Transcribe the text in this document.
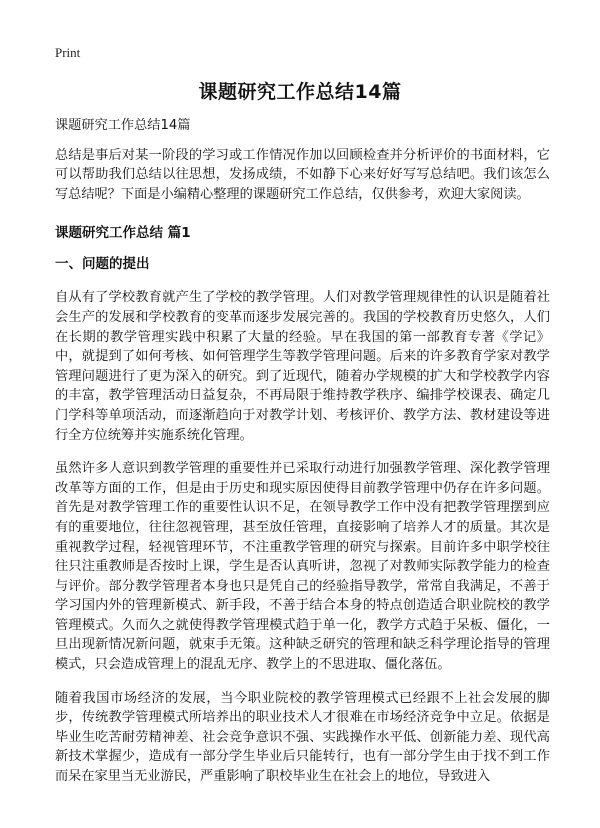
Print
课题研究工作总结14篇

课题研究工作总结14篇

总结是事后对某一阶段的学习或工作情况作加以回顾检查并分析评价的书面材料，它可以帮助我们总结以往思想，发扬成绩，不如静下心来好好写写总结吧。我们该怎么写总结呢？下面是小编精心整理的课题研究工作总结，仅供参考，欢迎大家阅读。

课题研究工作总结 篇1
一、问题的提出

自从有了学校教育就产生了学校的教学管理。人们对教学管理规律性的认识是随着社会生产的发展和学校教育的变革而逐步发展完善的。我国的学校教育历史悠久，人们在长期的教学管理实践中积累了大量的经验。早在我国的第一部教育专著《学记》中，就提到了如何考核、如何管理学生等教学管理问题。后来的许多教育学家对教学管理问题进行了更为深入的研究。到了近现代，随着办学规模的扩大和学校教学内容的丰富，教学管理活动日益复杂，不再局限于维持教学秩序、编排学校课表、确定几门学科等单项活动，而逐渐趋向于对教学计划、考核评价、教学方法、教材建设等进行全方位统筹并实施系统化管理。

虽然许多人意识到教学管理的重要性并已采取行动进行加强教学管理、深化教学管理改革等方面的工作，但是由于历史和现实原因使得目前教学管理中仍存在许多问题。首先是对教学管理工作的重要性认识不足，在领导教学工作中没有把教学管理摆到应有的重要地位，往往忽视管理，甚至放任管理，直接影响了培养人才的质量。其次是重视教学过程，轻视管理环节，不注重教学管理的研究与探索。目前许多中职学校往往只注重教师是否按时上课，学生是否认真听讲，忽视了对教师实际教学能力的检查与评价。部分教学管理者本身也只是凭自己的经验指导教学，常常自我满足，不善于学习国内外的管理新模式、新手段，不善于结合本身的特点创造适合职业院校的教学管理模式。久而久之就使得教学管理模式趋于单一化，教学方式趋于呆板、僵化，一旦出现新情况新问题，就束手无策。这种缺乏研究的管理和缺乏科学理论指导的管理模式，只会造成管理上的混乱无序、教学上的不思进取、僵化落伍。

随着我国市场经济的发展，当今职业院校的教学管理模式已经跟不上社会发展的脚步，传统教学管理模式所培养出的职业技术人才很难在市场经济竞争中立足。依据是毕业生吃苦耐劳精神差、社会竞争意识不强、实践操作水平低、创新能力差、现代高新技术掌握少，造成有一部分学生毕业后只能转行，也有一部分学生由于找不到工作而呆在家里当无业游民，严重影响了职校毕业生在社会上的地位，导致进入
